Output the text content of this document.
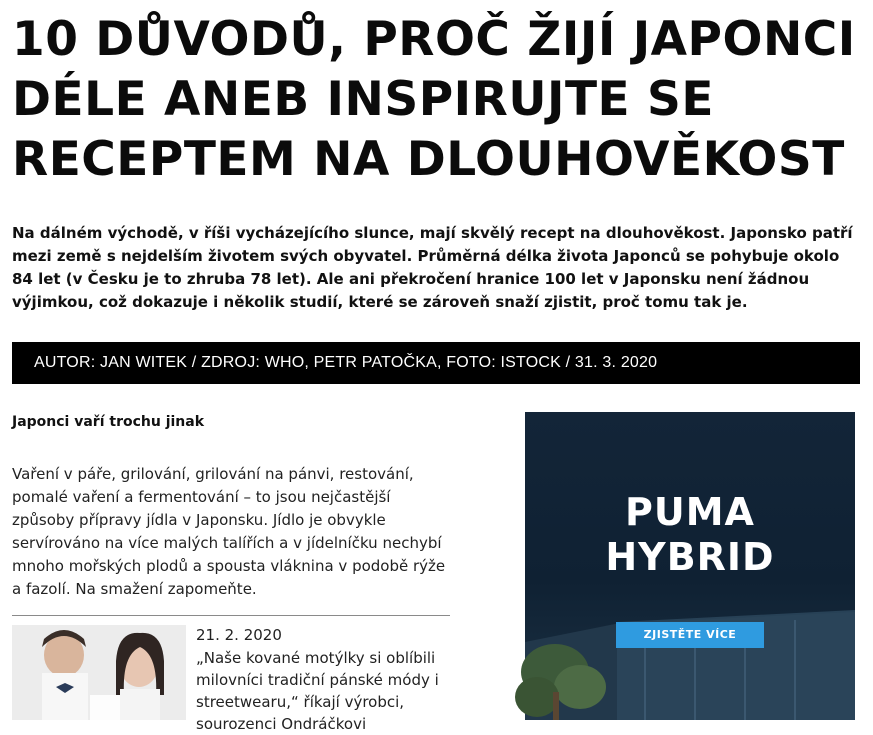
10 DŮVODŮ, PROČ ŽIJÍ JAPONCI DÉLE ANEB INSPIRUJTE SE RECEPTEM NA DLOUHOVĚKOST

Na dálném východě, v říši vycházejícího slunce, mají skvělý recept na dlouhověkost. Japonsko patří mezi země s nejdelším životem svých obyvatel. Průměrná délka života Japonců se pohybuje okolo 84 let (v Česku je to zhruba 78 let). Ale ani překročení hranice 100 let v Japonsku není žádnou výjimkou, což dokazuje i několik studií, které se zároveň snaží zjistit, proč tomu tak je.

AUTOR: JAN WITEK / ZDROJ: WHO, PETR PATOČKA, FOTO: ISTOCK / 31. 3. 2020
Japonci vaří trochu jinak

Vaření v páře, grilování, grilování na pánvi, restování, pomalé vaření a fermentování – to jsou nejčastější způsoby přípravy jídla v Japonsku. Jídlo je obvykle servírováno na více malých talířích a v jídelníčku nechybí mnoho mořských plodů a spousta vláknina v podobě rýže a fazolí. Na smažení zapomeňte.

21. 2. 2020

„Naše kované motýlky si oblíbili milovníci tradiční pánské módy i streetwearu,“ říkají výrobci, sourozenci Ondráčkovi

PUMA
HYBRID
ZJISTĚTE VÍCE
